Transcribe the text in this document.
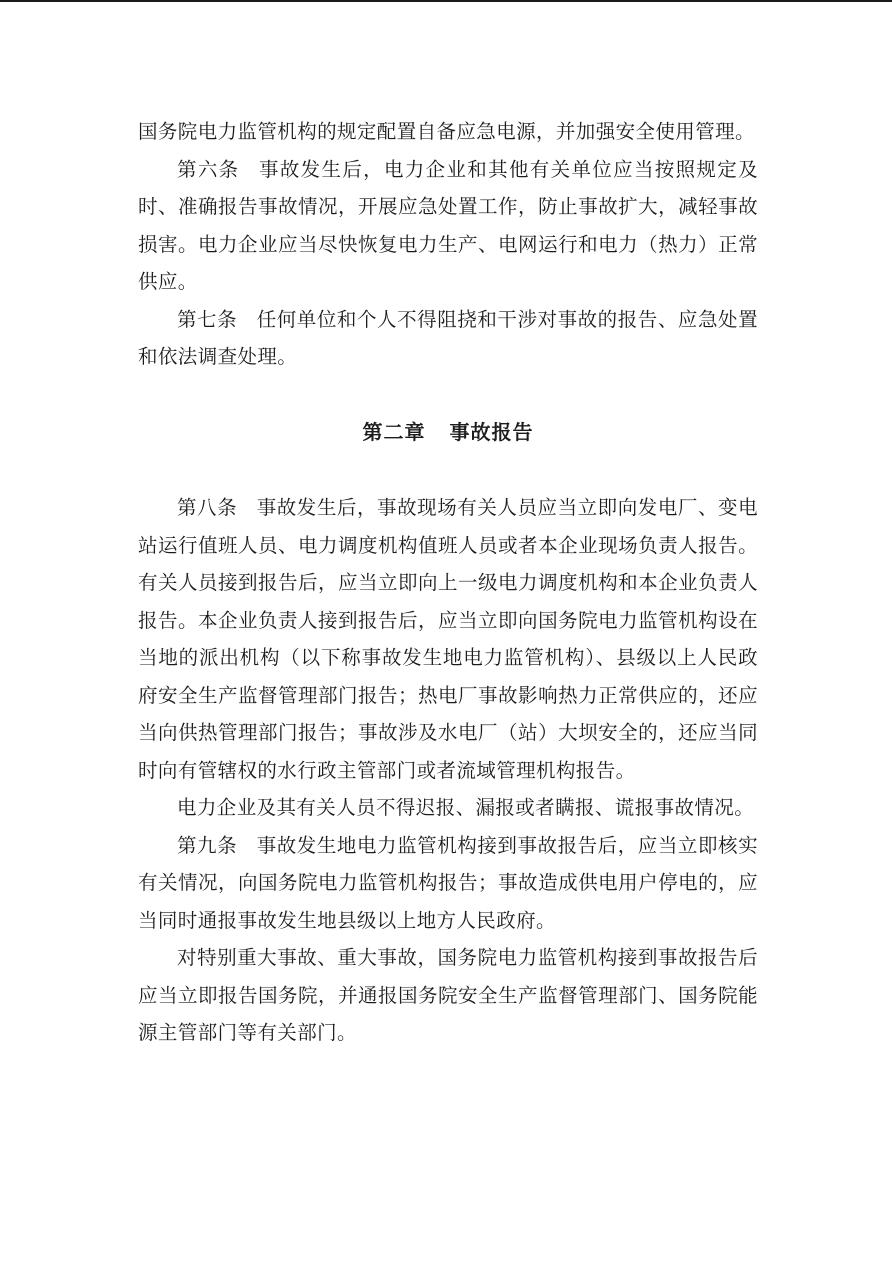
国务院电力监管机构的规定配置自备应急电源，并加强安全使用管理。

第六条 事故发生后，电力企业和其他有关单位应当按照规定及时、准确报告事故情况，开展应急处置工作，防止事故扩大，减轻事故损害。电力企业应当尽快恢复电力生产、电网运行和电力（热力）正常供应。

第七条 任何单位和个人不得阻挠和干涉对事故的报告、应急处置和依法调查处理。

第二章 事故报告

第八条 事故发生后，事故现场有关人员应当立即向发电厂、变电站运行值班人员、电力调度机构值班人员或者本企业现场负责人报告。有关人员接到报告后，应当立即向上一级电力调度机构和本企业负责人报告。本企业负责人接到报告后，应当立即向国务院电力监管机构设在当地的派出机构（以下称事故发生地电力监管机构）、县级以上人民政府安全生产监督管理部门报告；热电厂事故影响热力正常供应的，还应当向供热管理部门报告；事故涉及水电厂（站）大坝安全的，还应当同时向有管辖权的水行政主管部门或者流域管理机构报告。

电力企业及其有关人员不得迟报、漏报或者瞒报、谎报事故情况。

第九条 事故发生地电力监管机构接到事故报告后，应当立即核实有关情况，向国务院电力监管机构报告；事故造成供电用户停电的，应当同时通报事故发生地县级以上地方人民政府。

对特别重大事故、重大事故，国务院电力监管机构接到事故报告后应当立即报告国务院，并通报国务院安全生产监督管理部门、国务院能源主管部门等有关部门。
